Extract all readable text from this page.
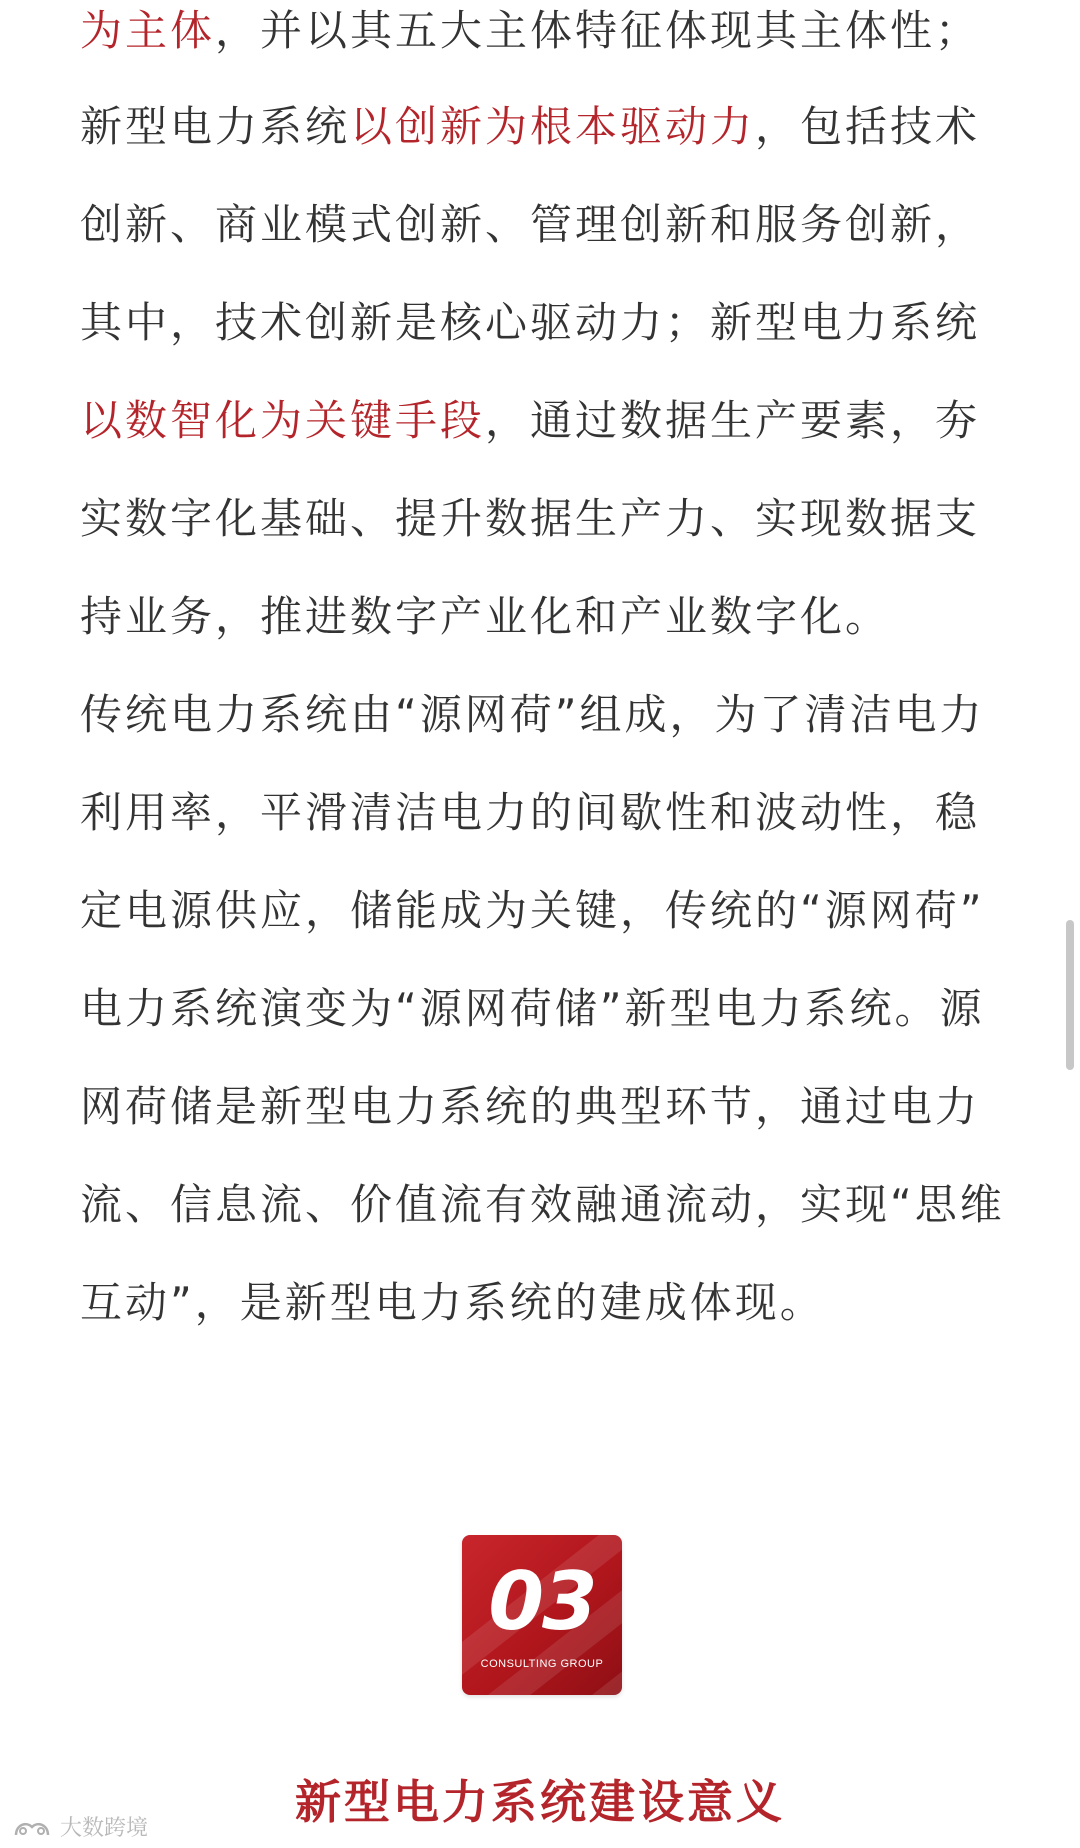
为主体，并以其五大主体特征体现其主体性；
新型电力系统以创新为根本驱动力，包括技术
创新、商业模式创新、管理创新和服务创新，
其中，技术创新是核心驱动力；新型电力系统
以数智化为关键手段，通过数据生产要素，夯
实数字化基础、提升数据生产力、实现数据支
持业务，推进数字产业化和产业数字化。
传统电力系统由“源网荷”组成，为了清洁电力
利用率，平滑清洁电力的间歇性和波动性，稳
定电源供应，储能成为关键，传统的“源网荷”
电力系统演变为“源网荷储”新型电力系统。源
网荷储是新型电力系统的典型环节，通过电力
流、信息流、价值流有效融通流动，实现“思维
互动”，是新型电力系统的建成体现。
03
CONSULTING GROUP
新型电力系统建设意义
大数跨境
